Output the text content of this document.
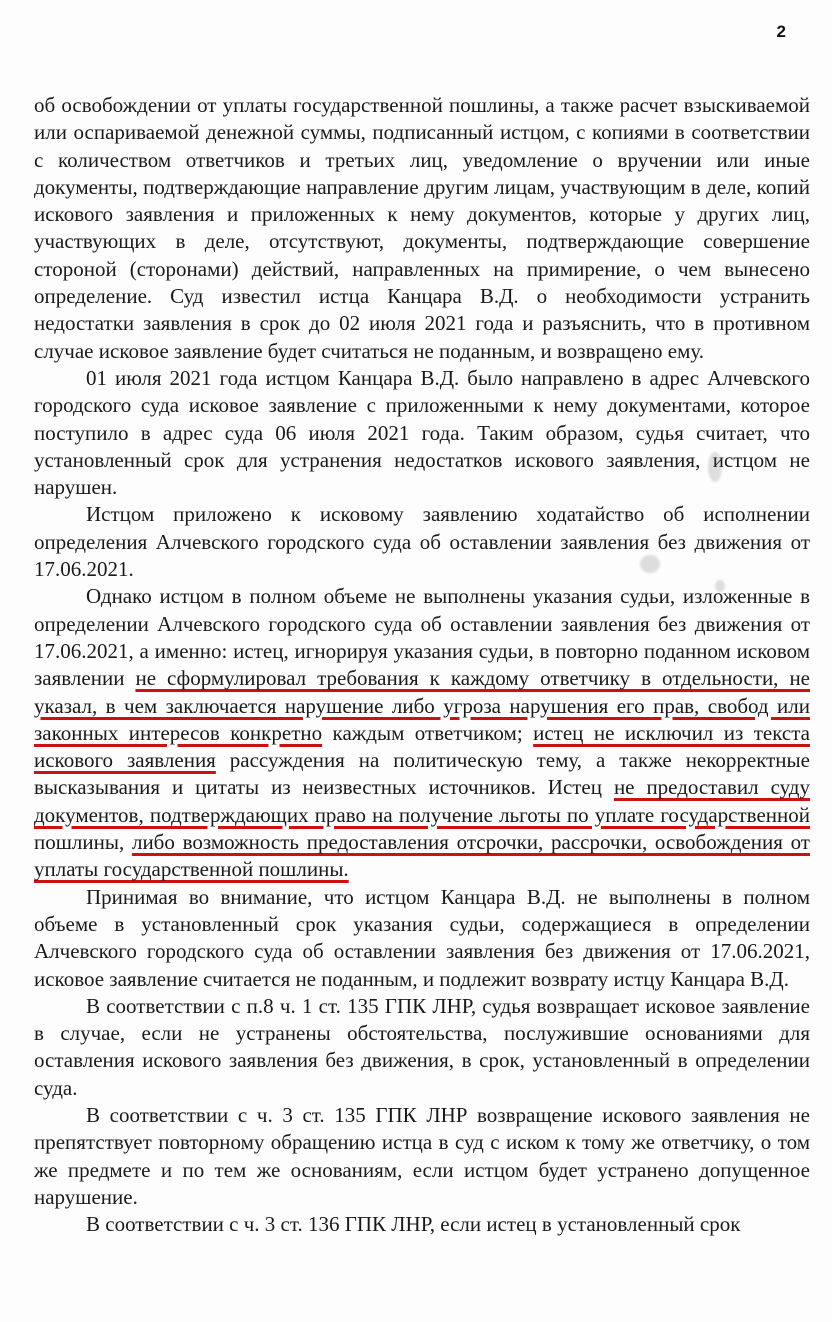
2

об освобождении от уплаты государственной пошлины, а также расчет взыскиваемой или оспариваемой денежной суммы, подписанный истцом, с копиями в соответствии с количеством ответчиков и третьих лиц, уведомление о вручении или иные документы, подтверждающие направление другим лицам, участвующим в деле, копий искового заявления и приложенных к нему документов, которые у других лиц, участвующих в деле, отсутствуют, документы, подтверждающие совершение стороной (сторонами) действий, направленных на примирение, о чем вынесено определение. Суд известил истца Канцара В.Д. о необходимости устранить недостатки заявления в срок до 02 июля 2021 года и разъяснить, что в противном случае исковое заявление будет считаться не поданным, и возвращено ему.

01 июля 2021 года истцом Канцара В.Д. было направлено в адрес Алчевского городского суда исковое заявление с приложенными к нему документами, которое поступило в адрес суда 06 июля 2021 года. Таким образом, судья считает, что установленный срок для устранения недостатков искового заявления, истцом не нарушен.

Истцом приложено к исковому заявлению ходатайство об исполнении определения Алчевского городского суда об оставлении заявления без движения от 17.06.2021.

Однако истцом в полном объеме не выполнены указания судьи, изложенные в определении Алчевского городского суда об оставлении заявления без движения от 17.06.2021, а именно: истец, игнорируя указания судьи, в повторно поданном исковом заявлении не сформулировал требования к каждому ответчику в отдельности, не указал, в чем заключается нарушение либо угроза нарушения его прав, свобод или законных интересов конкретно каждым ответчиком; истец не исключил из текста искового заявления рассуждения на политическую тему, а также некорректные высказывания и цитаты из неизвестных источников. Истец не предоставил суду документов, подтверждающих право на получение льготы по уплате государственной пошлины, либо возможность предоставления отсрочки, рассрочки, освобождения от уплаты государственной пошлины.

Принимая во внимание, что истцом Канцара В.Д. не выполнены в полном объеме в установленный срок указания судьи, содержащиеся в определении Алчевского городского суда об оставлении заявления без движения от 17.06.2021, исковое заявление считается не поданным, и подлежит возврату истцу Канцара В.Д.

В соответствии с п.8 ч. 1 ст. 135 ГПК ЛНР, судья возвращает исковое заявление в случае, если не устранены обстоятельства, послужившие основаниями для оставления искового заявления без движения, в срок, установленный в определении суда.

В соответствии с ч. 3 ст. 135 ГПК ЛНР возвращение искового заявления не препятствует повторному обращению истца в суд с иском к тому же ответчику, о том же предмете и по тем же основаниям, если истцом будет устранено допущенное нарушение.

В соответствии с ч. 3 ст. 136 ГПК ЛНР, если истец в установленный срок
